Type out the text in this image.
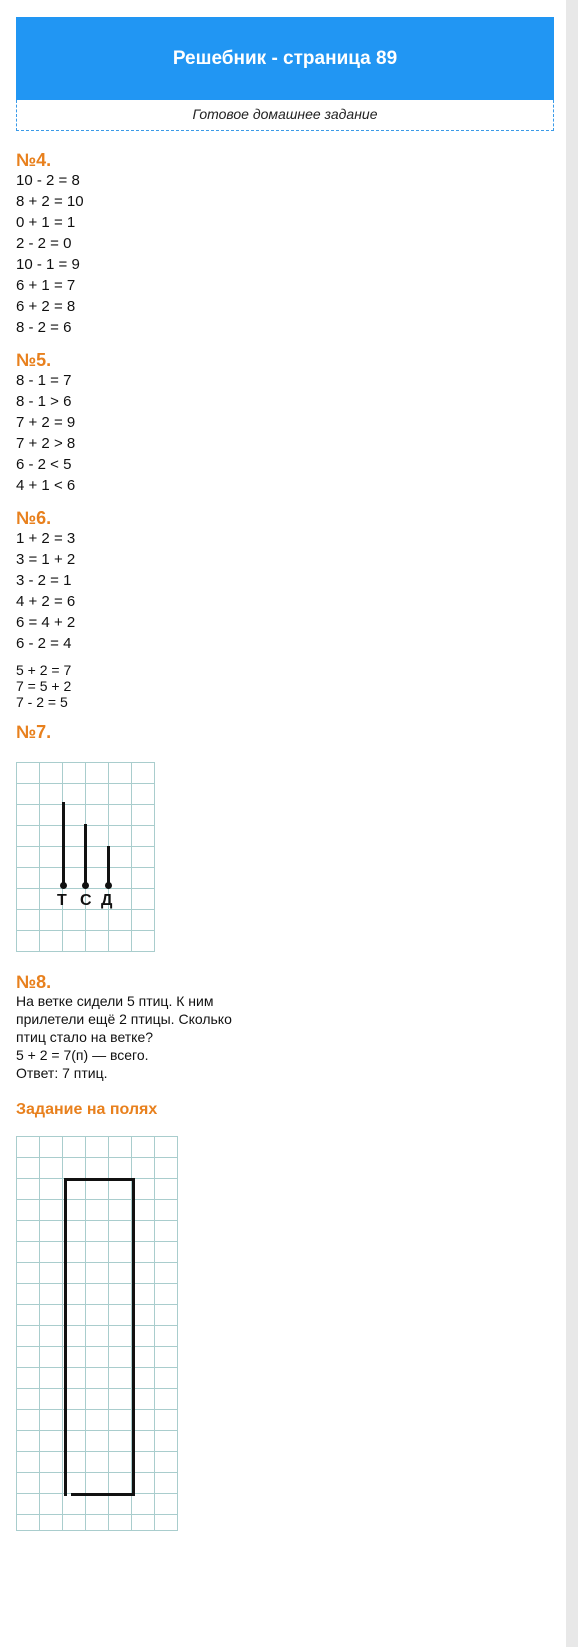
Решебник - страница 89
Готовое домашнее задание

№4.

10 - 2 = 8

8 + 2 = 10

0 + 1 = 1

2 - 2 = 0

10 - 1 = 9

6 + 1 = 7

6 + 2 = 8

8 - 2 = 6

№5.

8 - 1 = 7

8 - 1 > 6

7 + 2 = 9

7 + 2 > 8

6 - 2 < 5

4 + 1 < 6

№6.

1 + 2 = 3

3 = 1 + 2

3 - 2 = 1

4 + 2 = 6

6 = 4 + 2

6 - 2 = 4

5 + 2 = 7

7 = 5 + 2

7 - 2 = 5

№7.

Т С Д

№8.

На ветке сидели 5 птиц. К ним

прилетели ещё 2 птицы. Сколько

птиц стало на ветке?

5 + 2 = 7(п) — всего.

Ответ: 7 птиц.

Задание на полях
